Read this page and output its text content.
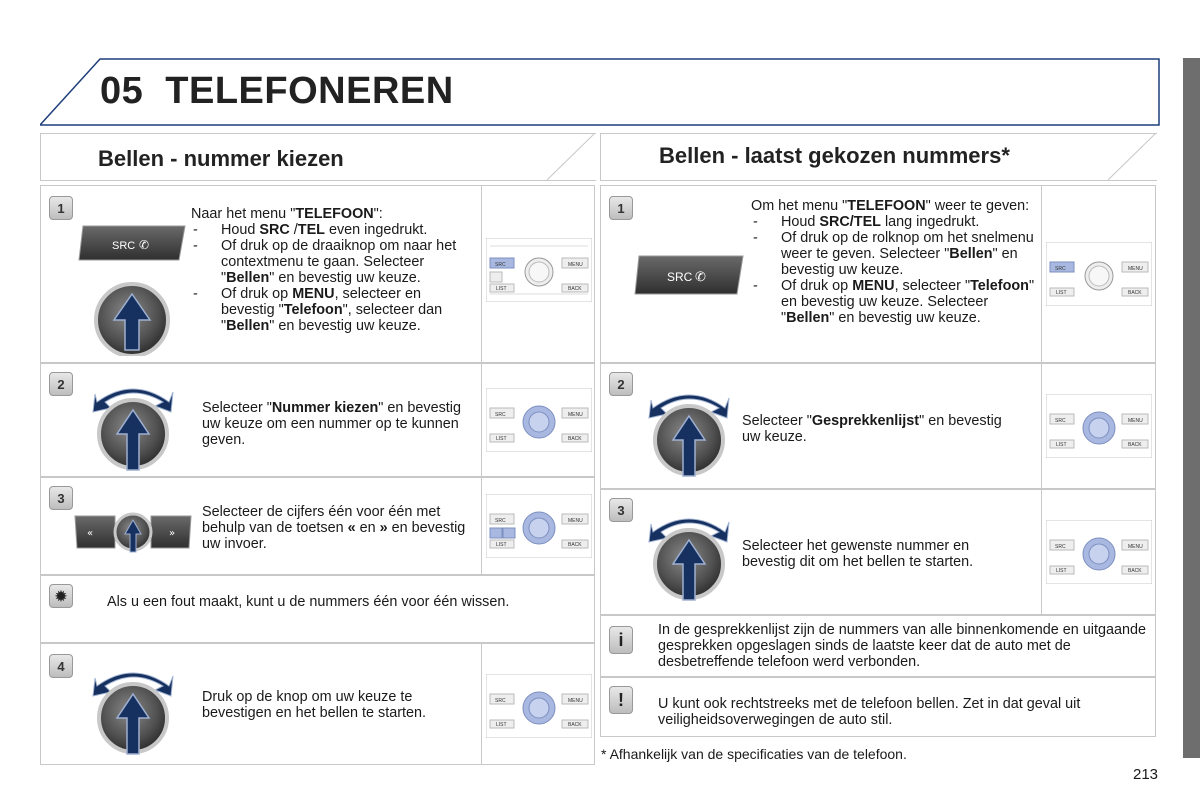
05 TELEFONEREN
Bellen - nummer kiezen	Bellen - laatst gekozen nummers*
1
SRC ✆
Naar het menu "TELEFOON":
- Houd SRC /TEL even ingedrukt.
- Of druk op de draaiknop om naar het contextmenu te gaan. Selecteer "Bellen" en bevestig uw keuze.
- Of druk op MENU, selecteer en bevestig "Telefoon", selecteer dan "Bellen" en bevestig uw keuze.
SRC
LIST
MENU
BACK
2
Selecteer "Nummer kiezen" en bevestig uw keuze om een nummer op te kunnen geven.
SRC
LIST
MENU
BACK
3
«	»
Selecteer de cijfers één voor één met behulp van de toetsen « en » en bevestig uw invoer.
SRC
LIST
MENU
BACK
✹	Als u een fout maakt, kunt u de nummers één voor één wissen.
4
Druk op de knop om uw keuze te bevestigen en het bellen te starten.
SRC
LIST
MENU
BACK
1
SRC ✆
Om het menu "TELEFOON" weer te geven:
- Houd SRC/TEL lang ingedrukt.
- Of druk op de rolknop om het snelmenu weer te geven. Selecteer "Bellen" en bevestig uw keuze.
- Of druk op MENU, selecteer "Telefoon" en bevestig uw keuze. Selecteer "Bellen" en bevestig uw keuze.
SRC
LIST
MENU
BACK
2
Selecteer "Gesprekkenlijst" en bevestig uw keuze.
SRC
LIST
MENU
BACK
3
Selecteer het gewenste nummer en bevestig dit om het bellen te starten.
SRC
LIST
MENU
BACK
i	In de gesprekkenlijst zijn de nummers van alle binnenkomende en uitgaande gesprekken opgeslagen sinds de laatste keer dat de auto met de desbetreffende telefoon werd verbonden.
!	U kunt ook rechtstreeks met de telefoon bellen. Zet in dat geval uit veiligheidsoverwegingen de auto stil.
* Afhankelijk van de specificaties van de telefoon.
213
